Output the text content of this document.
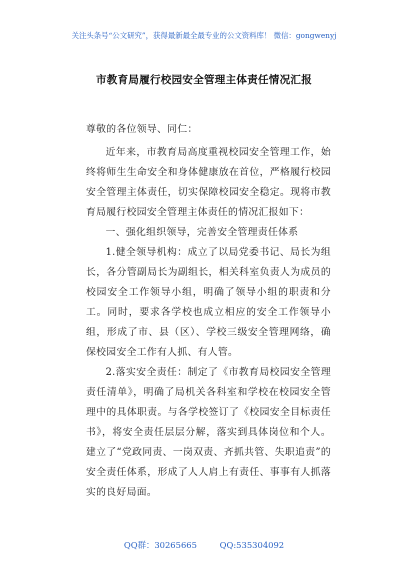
关注头条号“公文研究”，获得最新最全最专业的公文资料库！ 微信：gongwenyj
市教育局履行校园安全管理主体责任情况汇报

尊敬的各位领导、同仁：

近年来，市教育局高度重视校园安全管理工作，始终将师生生命安全和身体健康放在首位，严格履行校园安全管理主体责任，切实保障校园安全稳定。现将市教育局履行校园安全管理主体责任的情况汇报如下：

一、强化组织领导，完善安全管理责任体系

1.健全领导机构：成立了以局党委书记、局长为组长，各分管副局长为副组长，相关科室负责人为成员的校园安全工作领导小组，明确了领导小组的职责和分工。同时，要求各学校也成立相应的安全工作领导小组，形成了市、县（区）、学校三级安全管理网络，确保校园安全工作有人抓、有人管。

2.落实安全责任：制定了《市教育局校园安全管理责任清单》，明确了局机关各科室和学校在校园安全管理中的具体职责。与各学校签订了《校园安全目标责任书》，将安全责任层层分解，落实到具体岗位和个人。建立了“党政同责、一岗双责、齐抓共管、失职追责”的安全责任体系，形成了人人肩上有责任、事事有人抓落实的良好局面。

QQ群：30265665	QQ:535304092
